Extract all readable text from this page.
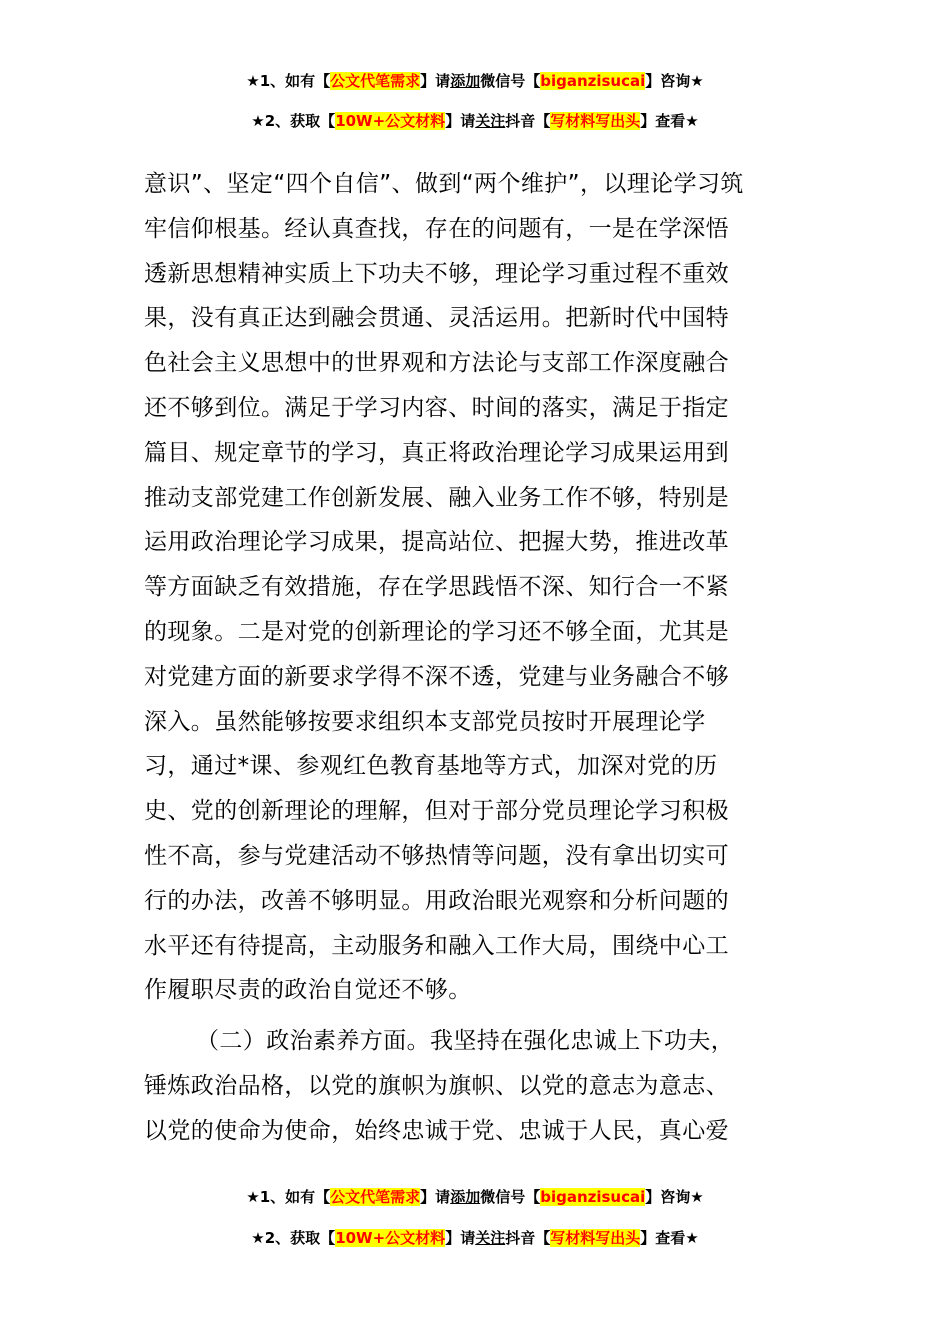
★1、如有【公文代笔需求】请添加微信号【biganzisucai】咨询★
★2、获取【10W+公文材料】请关注抖音【写材料写出头】查看★
意识”、坚定“四个自信”、做到“两个维护”，以理论学习筑
牢信仰根基。经认真查找，存在的问题有，一是在学深悟
透新思想精神实质上下功夫不够，理论学习重过程不重效
果，没有真正达到融会贯通、灵活运用。把新时代中国特
色社会主义思想中的世界观和方法论与支部工作深度融合
还不够到位。满足于学习内容、时间的落实，满足于指定
篇目、规定章节的学习，真正将政治理论学习成果运用到
推动支部党建工作创新发展、融入业务工作不够，特别是
运用政治理论学习成果，提高站位、把握大势，推进改革
等方面缺乏有效措施，存在学思践悟不深、知行合一不紧
的现象。二是对党的创新理论的学习还不够全面，尤其是
对党建方面的新要求学得不深不透，党建与业务融合不够
深入。虽然能够按要求组织本支部党员按时开展理论学
习，通过*课、参观红色教育基地等方式，加深对党的历
史、党的创新理论的理解，但对于部分党员理论学习积极
性不高，参与党建活动不够热情等问题，没有拿出切实可
行的办法，改善不够明显。用政治眼光观察和分析问题的
水平还有待提高，主动服务和融入工作大局，围绕中心工
作履职尽责的政治自觉还不够。
（二）政治素养方面。我坚持在强化忠诚上下功夫，
锤炼政治品格，以党的旗帜为旗帜、以党的意志为意志、
以党的使命为使命，始终忠诚于党、忠诚于人民，真心爱
★1、如有【公文代笔需求】请添加微信号【biganzisucai】咨询★
★2、获取【10W+公文材料】请关注抖音【写材料写出头】查看★
